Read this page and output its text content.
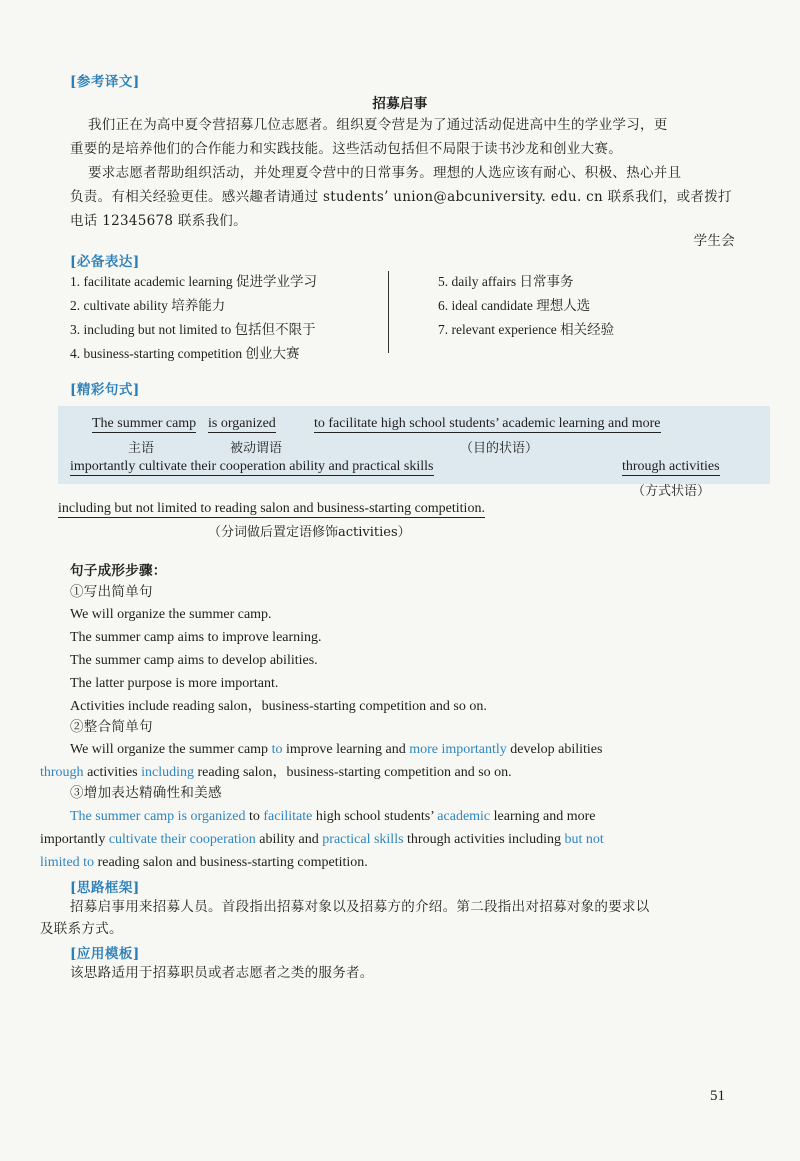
[参考译文]
招募启事
我们正在为高中夏令营招募几位志愿者。组织夏令营是为了通过活动促进高中生的学业学习，更
重要的是培养他们的合作能力和实践技能。这些活动包括但不局限于读书沙龙和创业大赛。
要求志愿者帮助组织活动，并处理夏令营中的日常事务。理想的人选应该有耐心、积极、热心并且
负责。有相关经验更佳。感兴趣者请通过 students’ union@abcuniversity. edu. cn 联系我们，或者拨打
电话 12345678 联系我们。
学生会
[必备表达]
1. facilitate academic learning 促进学业学习
2. cultivate ability 培养能力
3. including but not limited to 包括但不限于
4. business-starting competition 创业大赛
5. daily affairs 日常事务
6. ideal candidate 理想人选
7. relevant experience 相关经验
[精彩句式]
The summer camp is organized	to facilitate high school students’ academic learning and more
主语	被动谓语	（目的状语）
importantly cultivate their cooperation ability and practical skills	through activities
（方式状语）
including but not limited to reading salon and business-starting competition.
（分词做后置定语修饰activities）
句子成形步骤：
①写出简单句
We will organize the summer camp.
The summer camp aims to improve learning.
The summer camp aims to develop abilities.
The latter purpose is more important.
Activities include reading salon，business-starting competition and so on.
②整合简单句
We will organize the summer camp to improve learning and more importantly develop abilities
through activities including reading salon，business-starting competition and so on.
③增加表达精确性和美感
The summer camp is organized to facilitate high school students’ academic learning and more
importantly cultivate their cooperation ability and practical skills through activities including but not
limited to reading salon and business-starting competition.
[思路框架]
招募启事用来招募人员。首段指出招募对象以及招募方的介绍。第二段指出对招募对象的要求以
及联系方式。
[应用模板]
该思路适用于招募职员或者志愿者之类的服务者。
51
